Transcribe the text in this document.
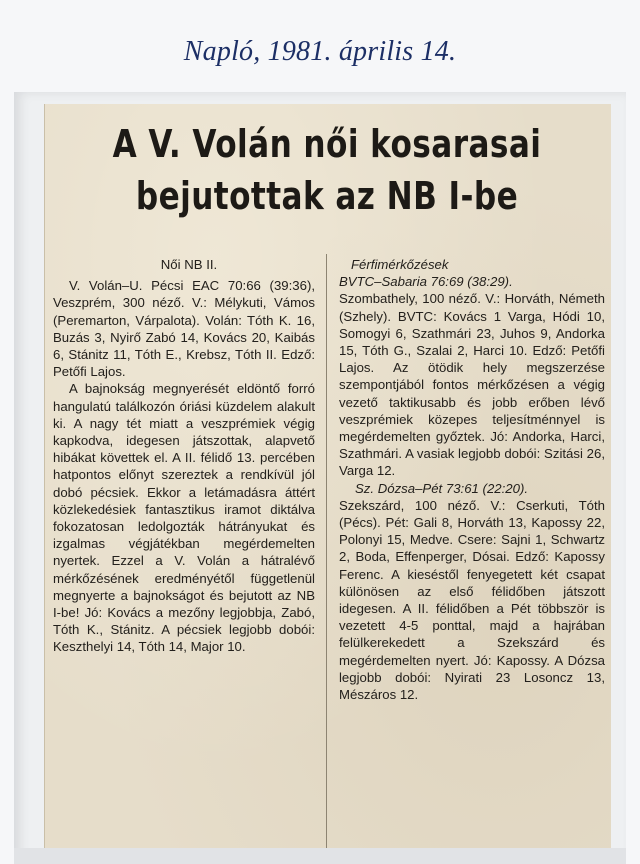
Napló, 1981. április 14.
A V. Volán női kosarasai
bejutottak az NB I-be

Női NB II.

V. Volán–U. Pécsi EAC 70:66 (39:36), Veszprém, 300 néző. V.: Mélykuti, Vámos (Peremarton, Várpalota). Volán: Tóth K. 16, Buzás 3, Nyirő Zabó 14, Kovács 20, Kaibás 6, Stánitz 11, Tóth E., Krebsz, Tóth II. Edző: Petőfi Lajos.

A bajnokság megnyerését eldöntő forró hangulatú találkozón óriási küzdelem alakult ki. A nagy tét miatt a veszprémiek végig kapkodva, idegesen játszottak, alapvető hibákat követtek el. A II. félidő 13. percében hatpontos előnyt szereztek a rendkívül jól dobó pécsiek. Ekkor a letámadásra áttért közlekedésiek fantasztikus iramot diktálva fokozatosan ledolgozták hátrányukat és izgalmas végjátékban megérdemelten nyertek. Ezzel a V. Volán a hátralévő mérkőzésének eredményétől függetlenül megnyerte a bajnokságot és bejutott az NB I-be! Jó: Kovács a mezőny legjobbja, Zabó, Tóth K., Stánitz. A pécsiek legjobb dobói: Keszthelyi 14, Tóth 14, Major 10.

Férfimérkőzések

BVTC–Sabaria 76:69 (38:29).

Szombathely, 100 néző. V.: Horváth, Németh (Szhely). BVTC: Kovács 1 Varga, Hódi 10, Somogyi 6, Szathmári 23, Juhos 9, Andorka 15, Tóth G., Szalai 2, Harci 10. Edző: Petőfi Lajos. Az ötödik hely megszerzése szempontjából fontos mérkőzésen a végig vezető taktikusabb és jobb erőben lévő veszprémiek közepes teljesítménnyel is megérdemelten győztek. Jó: Andorka, Harci, Szathmári. A vasiak legjobb dobói: Szitási 26, Varga 12.

Sz. Dózsa–Pét 73:61 (22:20).

Szekszárd, 100 néző. V.: Cserkuti, Tóth (Pécs). Pét: Gali 8, Horváth 13, Kapossy 22, Polonyi 15, Medve. Csere: Sajni 1, Schwartz 2, Boda, Effenperger, Dósai. Edző: Kapossy Ferenc. A kieséstől fenyegetett két csapat különösen az első félidőben játszott idegesen. A II. félidőben a Pét többször is vezetett 4-5 ponttal, majd a hajrában felülkerekedett a Szekszárd és megérdemelten nyert. Jó: Kapossy. A Dózsa legjobb dobói: Nyirati 23 Losoncz 13, Mészáros 12.
